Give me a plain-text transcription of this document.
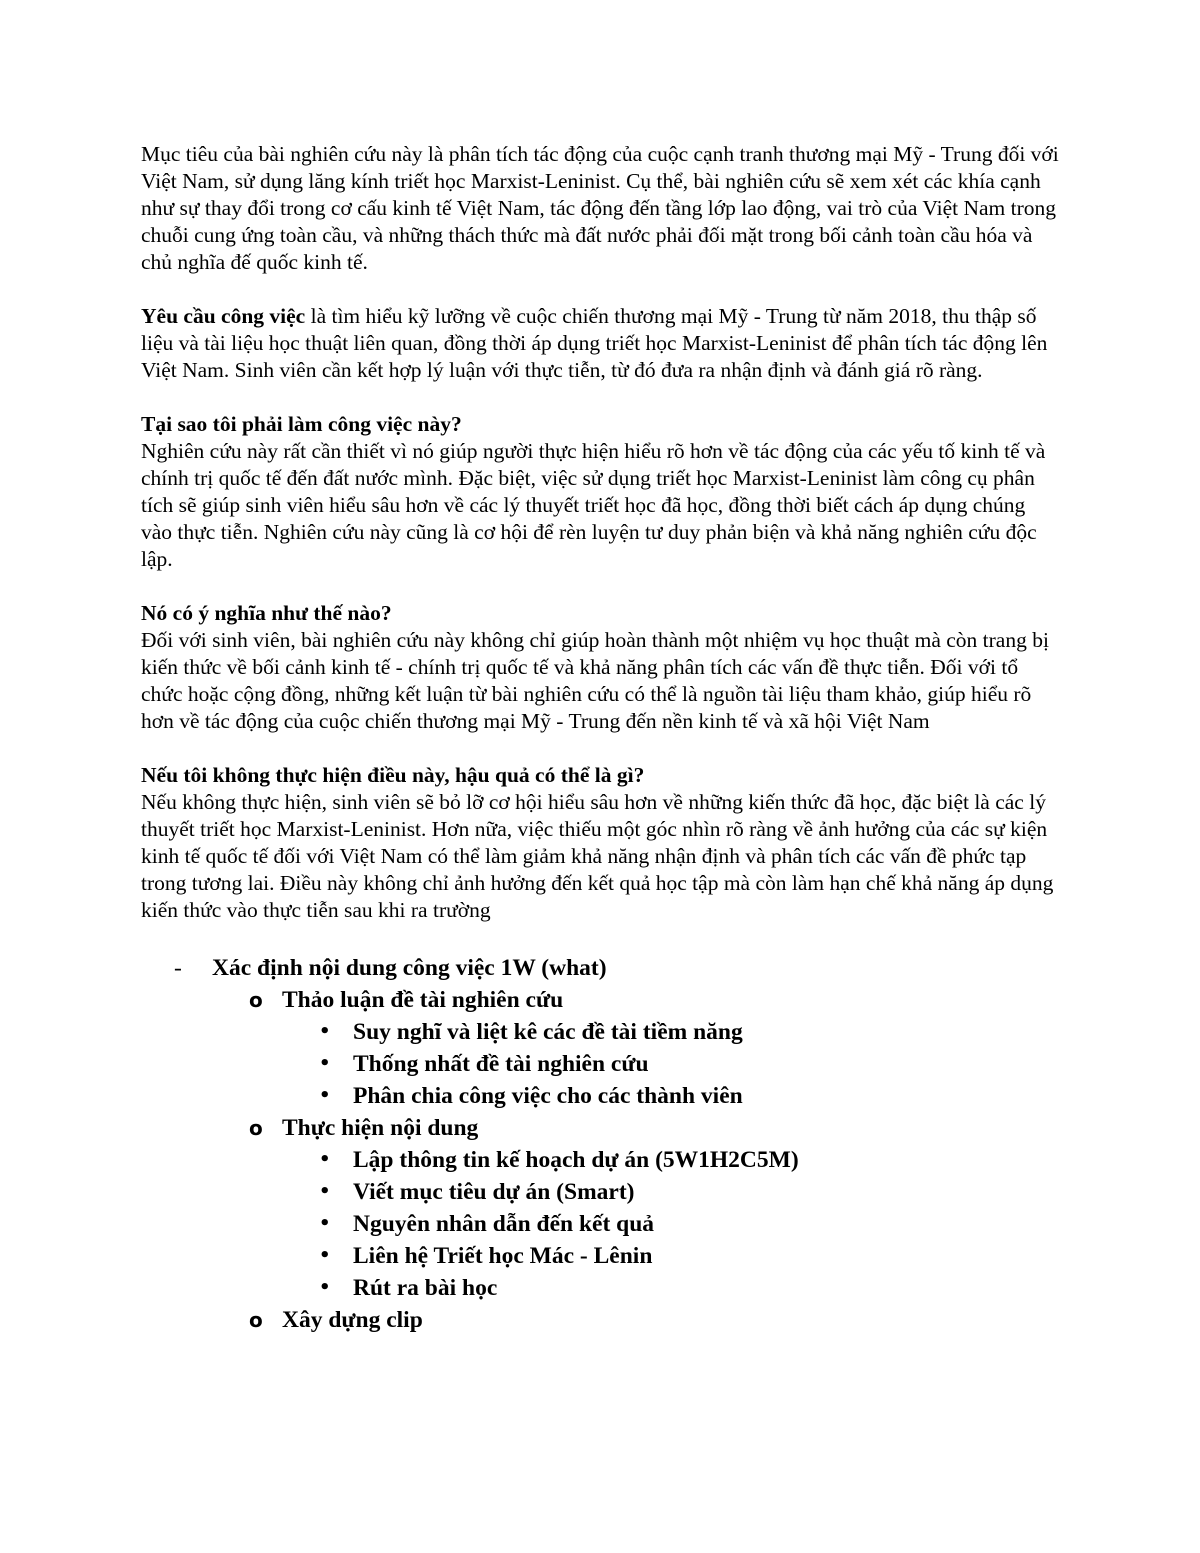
Mục tiêu của bài nghiên cứu này là phân tích tác động của cuộc cạnh tranh thương mại Mỹ - Trung đối với Việt Nam, sử dụng lăng kính triết học Marxist-Leninist. Cụ thể, bài nghiên cứu sẽ xem xét các khía cạnh như sự thay đổi trong cơ cấu kinh tế Việt Nam, tác động đến tầng lớp lao động, vai trò của Việt Nam trong chuỗi cung ứng toàn cầu, và những thách thức mà đất nước phải đối mặt trong bối cảnh toàn cầu hóa và chủ nghĩa đế quốc kinh tế.

Yêu cầu công việc là tìm hiểu kỹ lưỡng về cuộc chiến thương mại Mỹ - Trung từ năm 2018, thu thập số liệu và tài liệu học thuật liên quan, đồng thời áp dụng triết học Marxist-Leninist để phân tích tác động lên Việt Nam. Sinh viên cần kết hợp lý luận với thực tiễn, từ đó đưa ra nhận định và đánh giá rõ ràng.

Tại sao tôi phải làm công việc này?
Nghiên cứu này rất cần thiết vì nó giúp người thực hiện hiểu rõ hơn về tác động của các yếu tố kinh tế và chính trị quốc tế đến đất nước mình. Đặc biệt, việc sử dụng triết học Marxist-Leninist làm công cụ phân tích sẽ giúp sinh viên hiểu sâu hơn về các lý thuyết triết học đã học, đồng thời biết cách áp dụng chúng vào thực tiễn. Nghiên cứu này cũng là cơ hội để rèn luyện tư duy phản biện và khả năng nghiên cứu độc lập.

Nó có ý nghĩa như thế nào?
Đối với sinh viên, bài nghiên cứu này không chỉ giúp hoàn thành một nhiệm vụ học thuật mà còn trang bị kiến thức về bối cảnh kinh tế - chính trị quốc tế và khả năng phân tích các vấn đề thực tiễn. Đối với tổ chức hoặc cộng đồng, những kết luận từ bài nghiên cứu có thể là nguồn tài liệu tham khảo, giúp hiểu rõ hơn về tác động của cuộc chiến thương mại Mỹ - Trung đến nền kinh tế và xã hội Việt Nam

Nếu tôi không thực hiện điều này, hậu quả có thể là gì?
Nếu không thực hiện, sinh viên sẽ bỏ lỡ cơ hội hiểu sâu hơn về những kiến thức đã học, đặc biệt là các lý thuyết triết học Marxist-Leninist. Hơn nữa, việc thiếu một góc nhìn rõ ràng về ảnh hưởng của các sự kiện kinh tế quốc tế đối với Việt Nam có thể làm giảm khả năng nhận định và phân tích các vấn đề phức tạp trong tương lai. Điều này không chỉ ảnh hưởng đến kết quả học tập mà còn làm hạn chế khả năng áp dụng kiến thức vào thực tiễn sau khi ra trường

- Xác định nội dung công việc 1W (what)
o Thảo luận đề tài nghiên cứu
• Suy nghĩ và liệt kê các đề tài tiềm năng
• Thống nhất đề tài nghiên cứu
• Phân chia công việc cho các thành viên
o Thực hiện nội dung
• Lập thông tin kế hoạch dự án (5W1H2C5M)
• Viết mục tiêu dự án (Smart)
• Nguyên nhân dẫn đến kết quả
• Liên hệ Triết học Mác - Lênin
• Rút ra bài học
o Xây dựng clip
